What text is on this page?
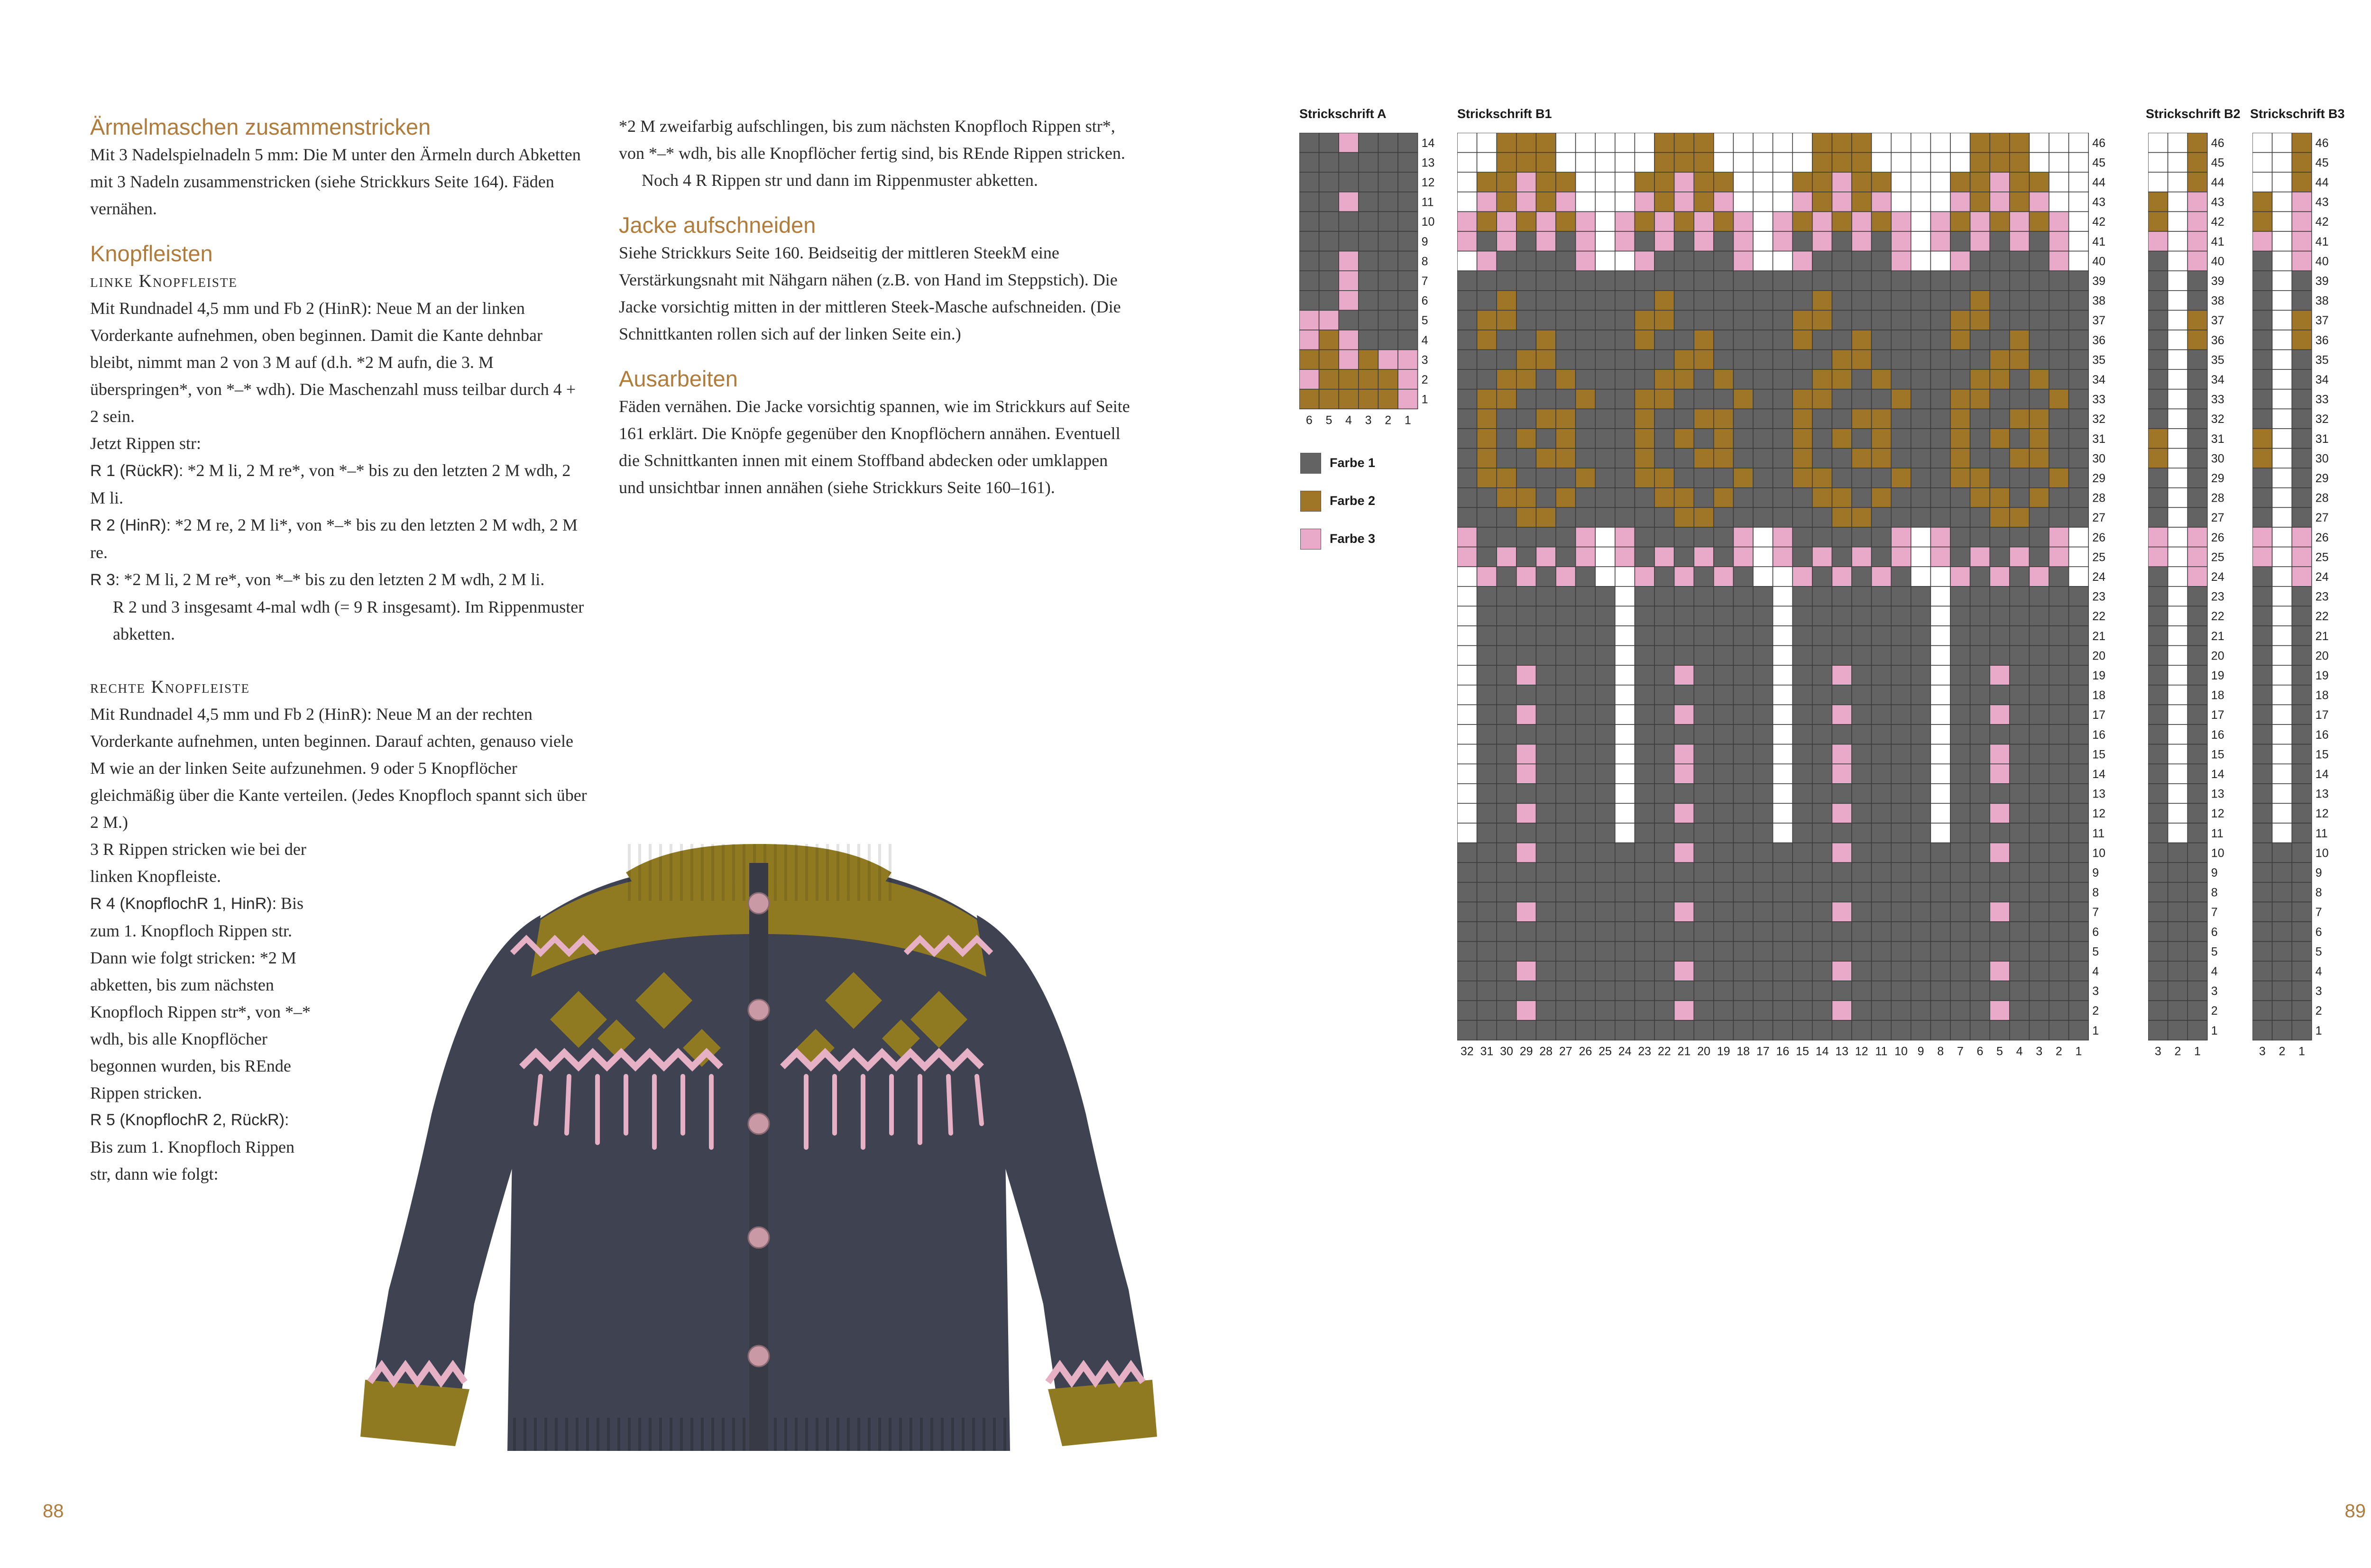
Ärmelmaschen zusammenstricken

Mit 3 Nadelspielnadeln 5 mm: Die M unter den Ärmeln durch Abketten mit 3 Nadeln zusammenstricken (siehe Strickkurs Seite 164). Fäden vernähen.

Knopfleisten

linke Knopfleiste

Mit Rundnadel 4,5 mm und Fb 2 (HinR): Neue M an der linken Vorderkante aufnehmen, oben beginnen. Damit die Kante dehnbar bleibt, nimmt man 2 von 3 M auf (d.h. *2 M aufn, die 3. M überspringen*, von *–* wdh). Die Maschenzahl muss teilbar durch 4 + 2 sein.

Jetzt Rippen str:

R 1 (RückR): *2 M li, 2 M re*, von *–* bis zu den letzten 2 M wdh, 2 M li.

R 2 (HinR): *2 M re, 2 M li*, von *–* bis zu den letzten 2 M wdh, 2 M re.

R 3: *2 M li, 2 M re*, von *–* bis zu den letzten 2 M wdh, 2 M li.

R 2 und 3 insgesamt 4-mal wdh (= 9 R insgesamt). Im Rippenmuster abketten.

rechte Knopfleiste

Mit Rundnadel 4,5 mm und Fb 2 (HinR): Neue M an der rechten Vorderkante aufnehmen, unten beginnen. Darauf achten, genauso viele M wie an der linken Seite aufzunehmen. 9 oder 5 Knopflöcher gleichmäßig über die Kante verteilen. (Jedes Knopfloch spannt sich über 2 M.)

3 R Rippen stricken wie bei der

linken Knopfleiste.

R 4 (KnopflochR 1, HinR): Bis

zum 1. Knopfloch Rippen str.

Dann wie folgt stricken: *2 M

abketten, bis zum nächsten

Knopfloch Rippen str*, von *–*

wdh, bis alle Knopflöcher

begonnen wurden, bis REnde

Rippen stricken.

R 5 (KnopflochR 2, RückR):

Bis zum 1. Knopfloch Rippen

str, dann wie folgt:

*2 M zweifarbig aufschlingen, bis zum nächsten Knopfloch Rippen str*, von *–* wdh, bis alle Knopflöcher fertig sind, bis REnde Rippen stricken.

Noch 4 R Rippen str und dann im Rippenmuster abketten.

Jacke aufschneiden

Siehe Strickkurs Seite 160. Beidseitig der mittleren SteekM eine Verstärkungsnaht mit Nähgarn nähen (z.B. von Hand im Steppstich). Die Jacke vorsichtig mitten in der mittleren Steek-Masche aufschneiden. (Die Schnittkanten rollen sich auf der linken Seite ein.)

Ausarbeiten

Fäden vernähen. Die Jacke vorsichtig spannen, wie im Strickkurs auf Seite 161 erklärt. Die Knöpfe gegenüber den Knopflöchern annähen. Eventuell die Schnittkanten innen mit einem Stoffband abdecken oder umklappen und unsichtbar innen annähen (siehe Strickkurs Seite 160–161).

88
Strickschrift A	Strickschrift B1	Strickschrift B2 Strickschrift B3
14
13
12
11
10
9
8
7
6
5
4
3
2
1
6 5 4 3 2 1
46
45
44
43
42
41
40
39
38
37
36
35
34
33
32
31
30
29
28
27
26
25
24
23
22
21
20
19
18
17
16
15
14
13
12
11
10
9
8
7
6
5
4
3
2
1
32 31 30 29 28 27 26 25 24 23 22 21 20 19 18 17 16 15 14 13 12 11 10 9 8 7 6 5 4 3 2 1
46
45
44
43
42
41
40
39
38
37
36
35
34
33
32
31
30
29
28
27
26
25
24
23
22
21
20
19
18
17
16
15
14
13
12
11
10
9
8
7
6
5
4
3
2
1
3 2 1
46
45
44
43
42
41
40
39
38
37
36
35
34
33
32
31
30
29
28
27
26
25
24
23
22
21
20
19
18
17
16
15
14
13
12
11
10
9
8
7
6
5
4
3
2
1
3 2 1
Farbe 1
Farbe 2
Farbe 3
89
